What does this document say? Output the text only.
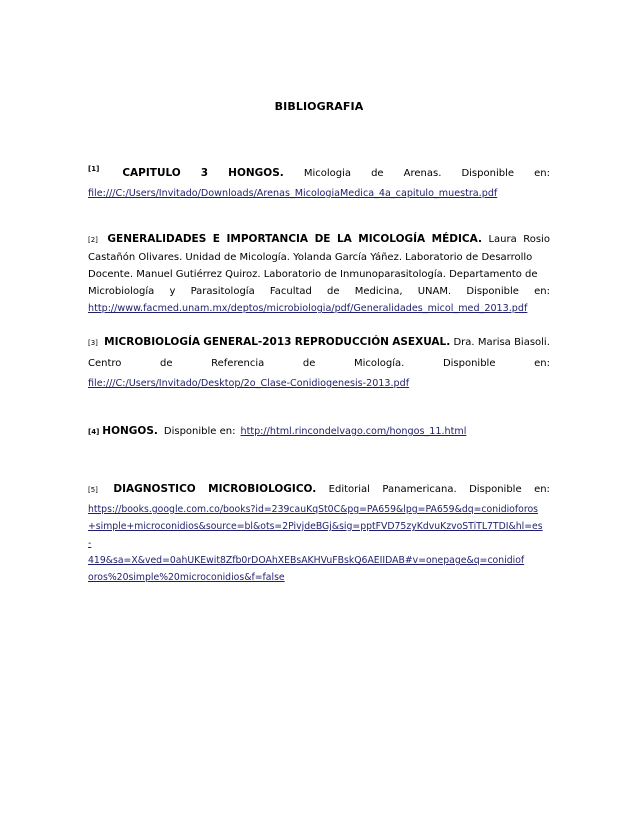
BIBLIOGRAFIA
[1] CAPITULO 3 HONGOS. Micologia de Arenas. Disponible en:
file:///C:/Users/Invitado/Downloads/Arenas_MicologiaMedica_4a_capitulo_muestra.pdf
[2] GENERALIDADES E IMPORTANCIA DE LA MICOLOGÍA MÉDICA. Laura Rosio
Castañón Olivares. Unidad de Micología. Yolanda García Yáñez. Laboratorio de Desarrollo
Docente. Manuel Gutiérrez Quiroz. Laboratorio de Inmunoparasitología. Departamento de
Microbiología y Parasitología Facultad de Medicina, UNAM. Disponible en:
http://www.facmed.unam.mx/deptos/microbiologia/pdf/Generalidades_micol_med_2013.pdf
[3] MICROBIOLOGÍA GENERAL-2013 REPRODUCCIÓN ASEXUAL. Dra. Marisa Biasoli.
Centro	de	Referencia	de	Micología.	Disponible	en:
file:///C:/Users/Invitado/Desktop/2o_Clase-Conidiogenesis-2013.pdf
[4] HONGOS. Disponible en: http://html.rincondelvago.com/hongos_11.html
[5] DIAGNOSTICO MICROBIOLOGICO. Editorial Panamericana. Disponible en:
https://books.google.com.co/books?id=239cauKqSt0C&pg=PA659&lpg=PA659&dq=conidioforos
+simple+microconidios&source=bl&ots=2PivjdeBGj&sig=pptFVD75zyKdvuKzvoSTiTL7TDI&hl=es
-
419&sa=X&ved=0ahUKEwit8Zfb0rDOAhXEBsAKHVuFBskQ6AEIIDAB#v=onepage&q=conidiof
oros%20simple%20microconidios&f=false
